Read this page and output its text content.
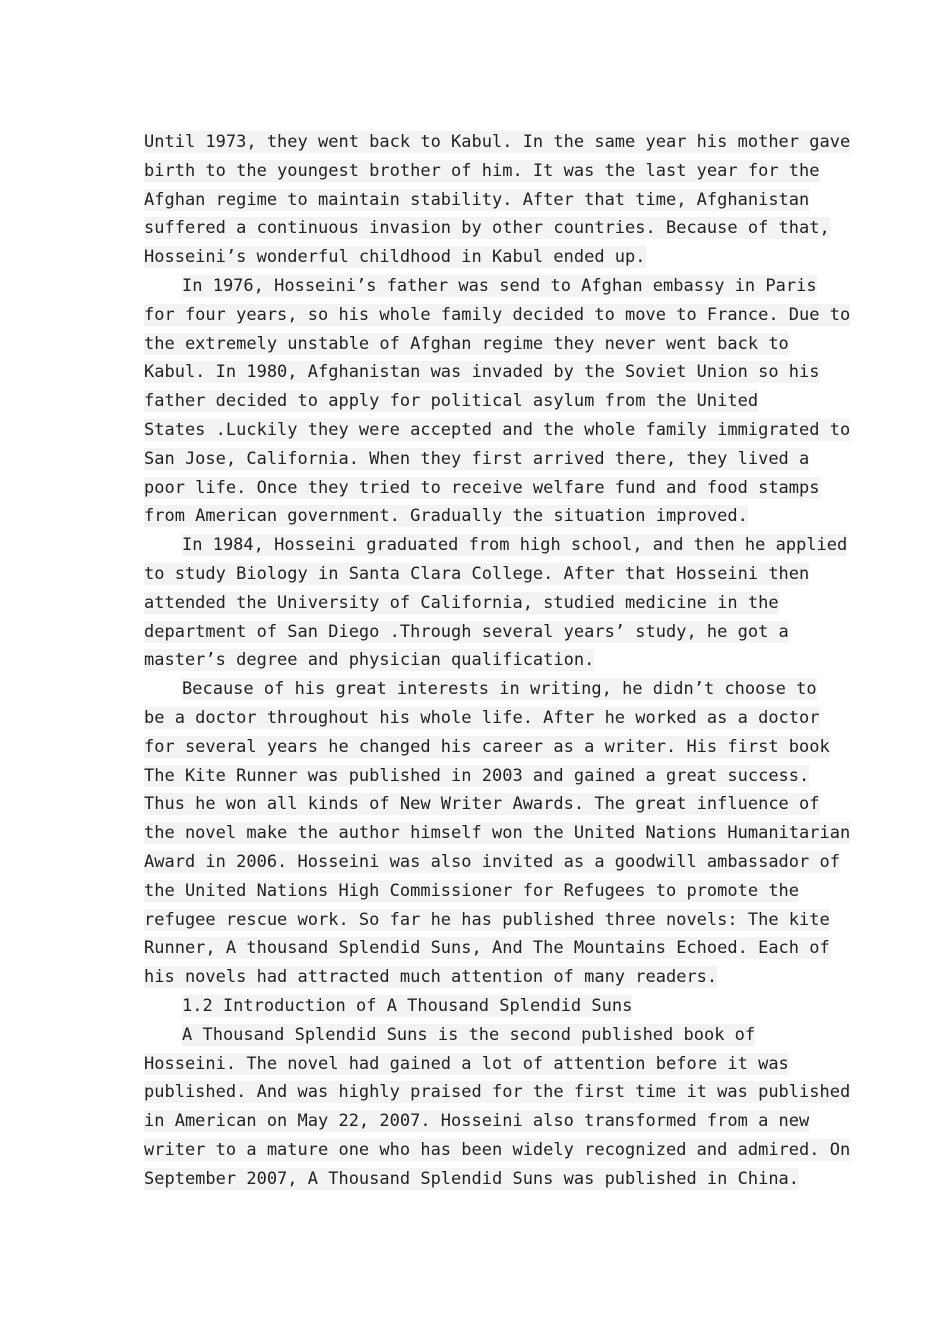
Until 1973, they went back to Kabul. In the same year his mother gave
birth to the youngest brother of him. It was the last year for the
Afghan regime to maintain stability. After that time, Afghanistan
suffered a continuous invasion by other countries. Because of that,
Hosseini’s wonderful childhood in Kabul ended up.
In 1976, Hosseini’s father was send to Afghan embassy in Paris
for four years, so his whole family decided to move to France. Due to
the extremely unstable of Afghan regime they never went back to
Kabul. In 1980, Afghanistan was invaded by the Soviet Union so his
father decided to apply for political asylum from the United
States .Luckily they were accepted and the whole family immigrated to
San Jose, California. When they first arrived there, they lived a
poor life. Once they tried to receive welfare fund and food stamps
from American government. Gradually the situation improved.
In 1984, Hosseini graduated from high school, and then he applied
to study Biology in Santa Clara College. After that Hosseini then
attended the University of California, studied medicine in the
department of San Diego .Through several years’ study, he got a
master’s degree and physician qualification.
Because of his great interests in writing, he didn’t choose to
be a doctor throughout his whole life. After he worked as a doctor
for several years he changed his career as a writer. His first book
The Kite Runner was published in 2003 and gained a great success.
Thus he won all kinds of New Writer Awards. The great influence of
the novel make the author himself won the United Nations Humanitarian
Award in 2006. Hosseini was also invited as a goodwill ambassador of
the United Nations High Commissioner for Refugees to promote the
refugee rescue work. So far he has published three novels: The kite
Runner, A thousand Splendid Suns, And The Mountains Echoed. Each of
his novels had attracted much attention of many readers.
1.2 Introduction of A Thousand Splendid Suns
A Thousand Splendid Suns is the second published book of
Hosseini. The novel had gained a lot of attention before it was
published. And was highly praised for the first time it was published
in American on May 22, 2007. Hosseini also transformed from a new
writer to a mature one who has been widely recognized and admired. On
September 2007, A Thousand Splendid Suns was published in China.
